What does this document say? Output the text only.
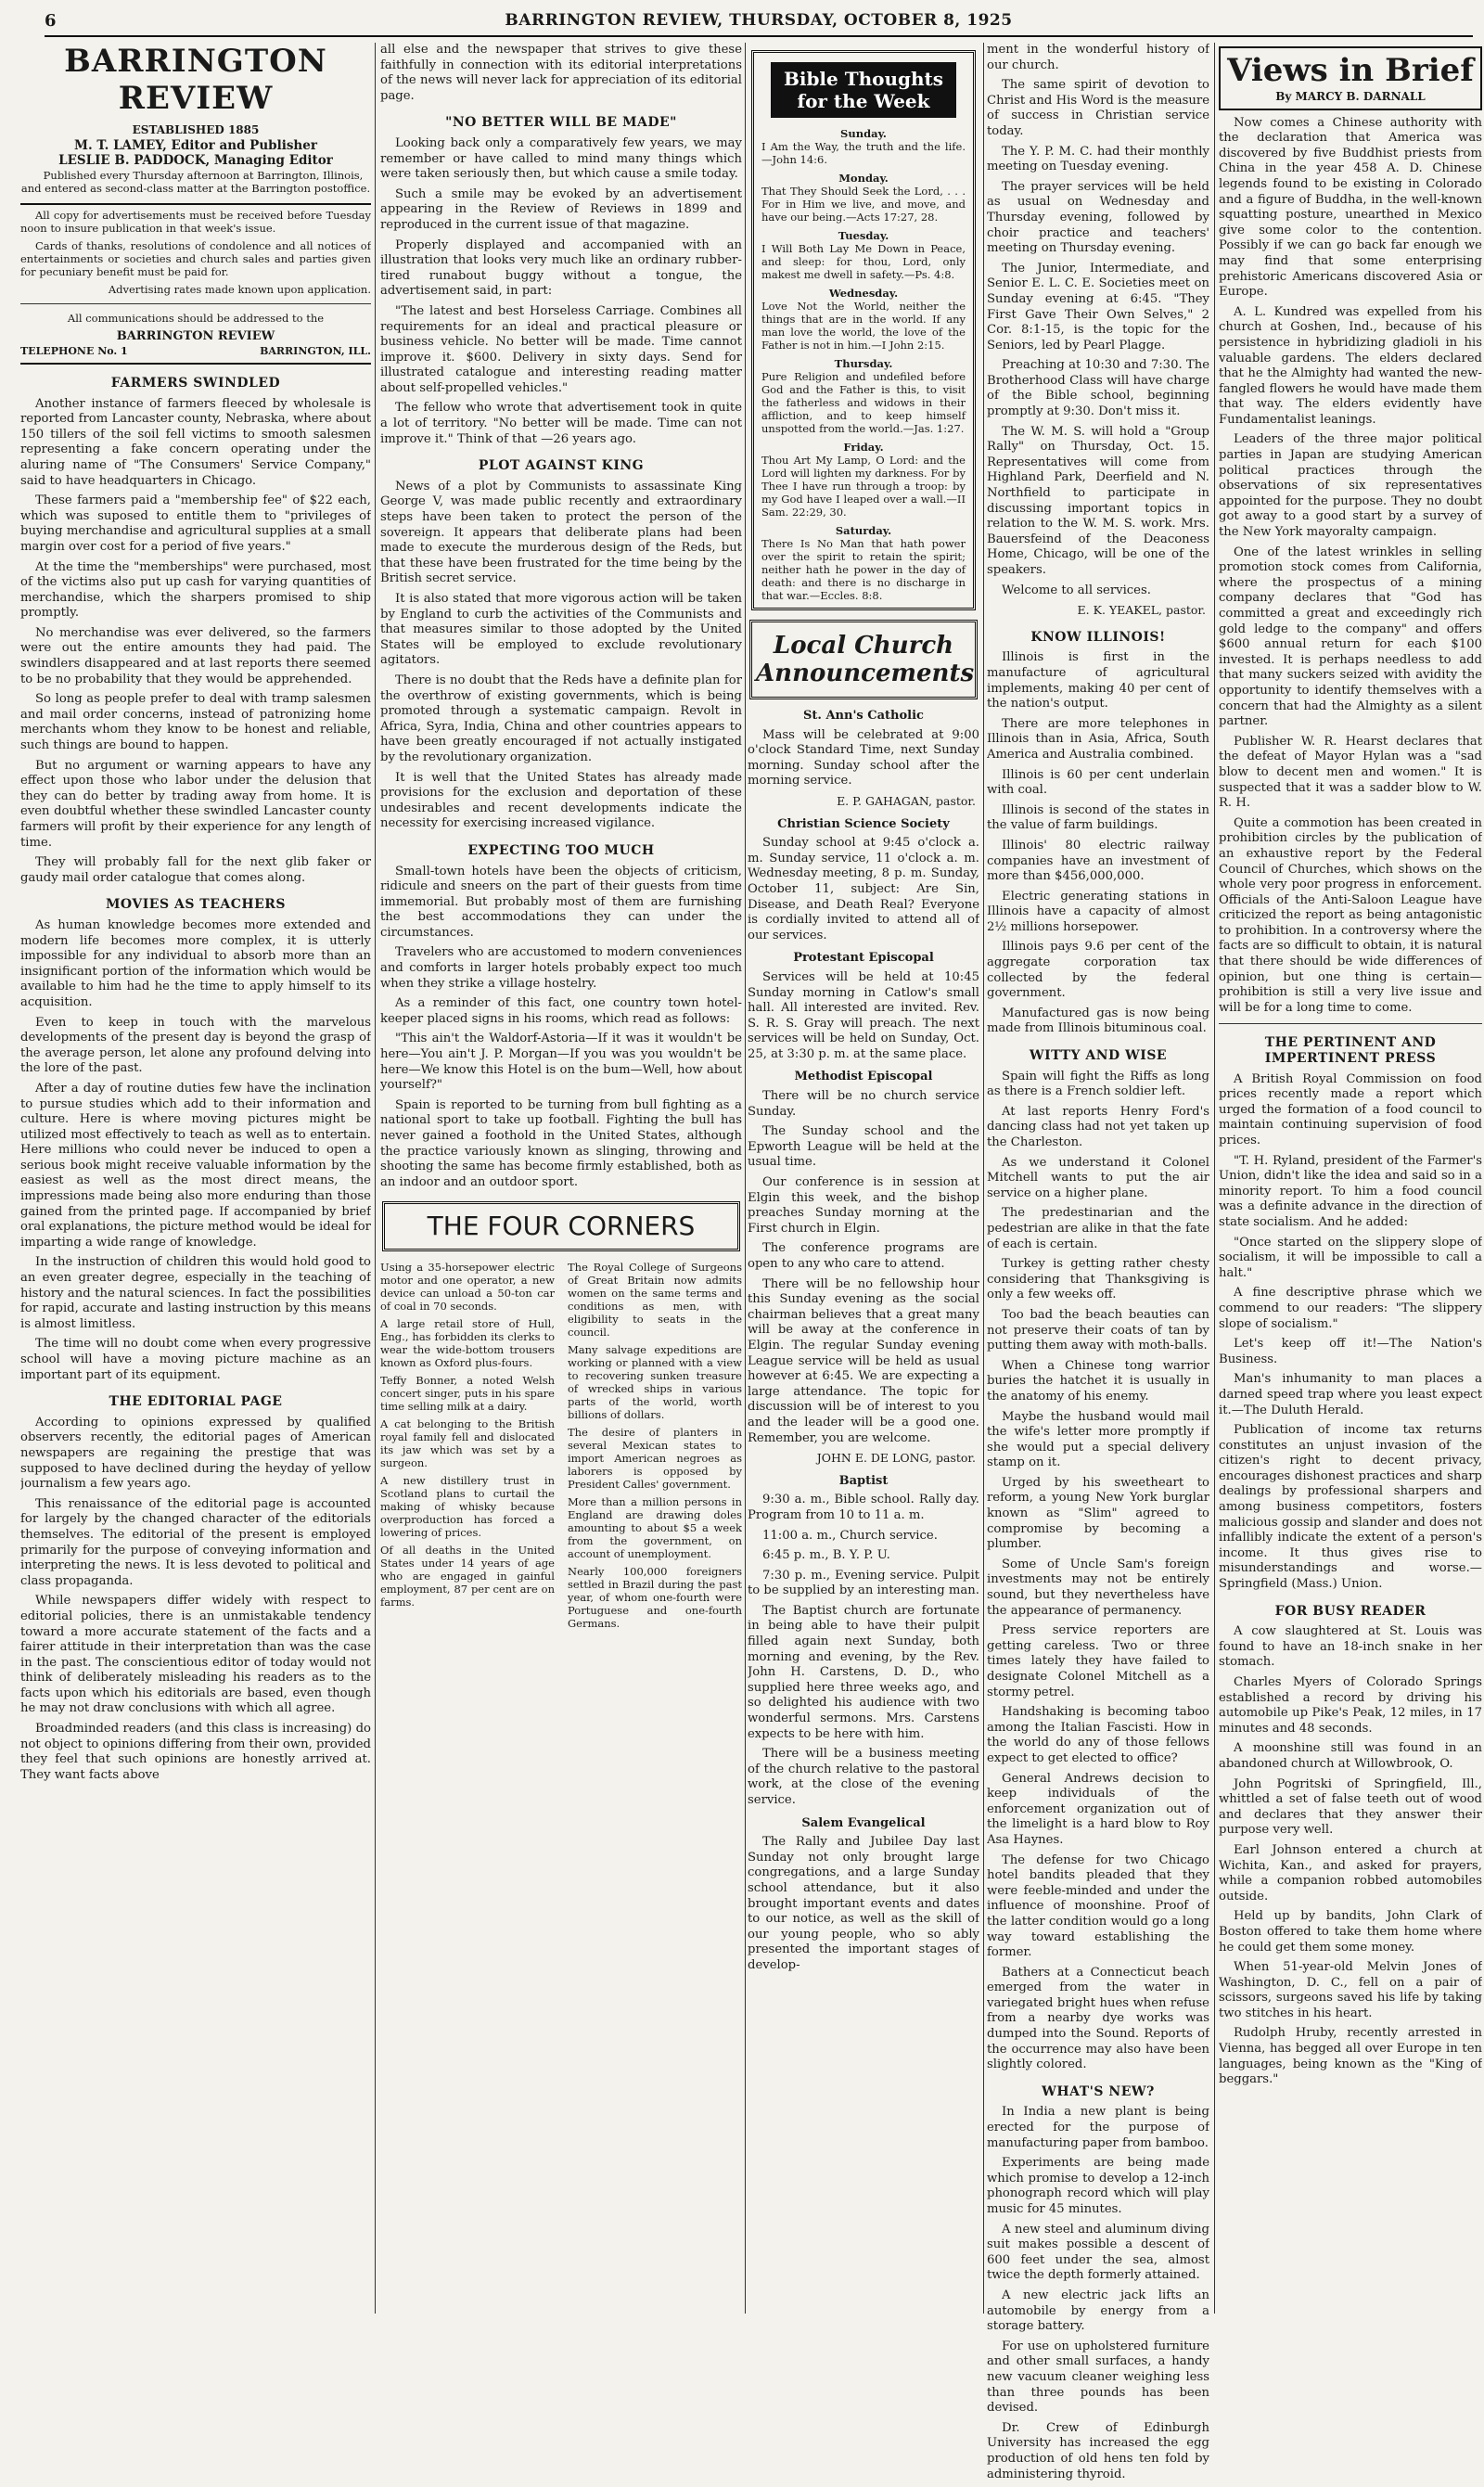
6	BARRINGTON REVIEW, THURSDAY, OCTOBER 8, 1925
BARRINGTON REVIEW
ESTABLISHED 1885
M. T. LAMEY, Editor and Publisher
LESLIE B. PADDOCK, Managing Editor

Published every Thursday afternoon at Barrington, Illinois, and entered as second-class matter at the Barrington postoffice.

All copy for advertisements must be received before Tuesday noon to insure publication in that week's issue.

Cards of thanks, resolutions of condolence and all notices of entertainments or societies and church sales and parties given for pecuniary benefit must be paid for.

Advertising rates made known upon application.

All communications should be addressed to the

BARRINGTON REVIEW
TELEPHONE No. 1	BARRINGTON, ILL.
FARMERS SWINDLED

Another instance of farmers fleeced by wholesale is reported from Lancaster county, Nebraska, where about 150 tillers of the soil fell victims to smooth salesmen representing a fake concern operating under the aluring name of "The Consumers' Service Company," said to have headquarters in Chicago.

These farmers paid a "membership fee" of $22 each, which was suposed to entitle them to "privileges of buying merchandise and agricultural supplies at a small margin over cost for a period of five years."

At the time the "memberships" were purchased, most of the victims also put up cash for varying quantities of merchandise, which the sharpers promised to ship promptly.

No merchandise was ever delivered, so the farmers were out the entire amounts they had paid. The swindlers disappeared and at last reports there seemed to be no probability that they would be apprehended.

So long as people prefer to deal with tramp salesmen and mail order concerns, instead of patronizing home merchants whom they know to be honest and reliable, such things are bound to happen.

But no argument or warning appears to have any effect upon those who labor under the delusion that they can do better by trading away from home. It is even doubtful whether these swindled Lancaster county farmers will profit by their experience for any length of time.

They will probably fall for the next glib faker or gaudy mail order catalogue that comes along.

MOVIES AS TEACHERS

As human knowledge becomes more extended and modern life becomes more complex, it is utterly impossible for any individual to absorb more than an insignificant portion of the information which would be available to him had he the time to apply himself to its acquisition.

Even to keep in touch with the marvelous developments of the present day is beyond the grasp of the average person, let alone any profound delving into the lore of the past.

After a day of routine duties few have the inclination to pursue studies which add to their information and culture. Here is where moving pictures might be utilized most effectively to teach as well as to entertain. Here millions who could never be induced to open a serious book might receive valuable information by the easiest as well as the most direct means, the impressions made being also more enduring than those gained from the printed page. If accompanied by brief oral explanations, the picture method would be ideal for imparting a wide range of knowledge.

In the instruction of children this would hold good to an even greater degree, especially in the teaching of history and the natural sciences. In fact the possibilities for rapid, accurate and lasting instruction by this means is almost limitless.

The time will no doubt come when every progressive school will have a moving picture machine as an important part of its equipment.

THE EDITORIAL PAGE

According to opinions expressed by qualified observers recently, the editorial pages of American newspapers are regaining the prestige that was supposed to have declined during the heyday of yellow journalism a few years ago.

This renaissance of the editorial page is accounted for largely by the changed character of the editorials themselves. The editorial of the present is employed primarily for the purpose of conveying information and interpreting the news. It is less devoted to political and class propaganda.

While newspapers differ widely with respect to editorial policies, there is an unmistakable tendency toward a more accurate statement of the facts and a fairer attitude in their interpretation than was the case in the past. The conscientious editor of today would not think of deliberately misleading his readers as to the facts upon which his editorials are based, even though he may not draw conclusions with which all agree.

Broadminded readers (and this class is increasing) do not object to opinions differing from their own, provided they feel that such opinions are honestly arrived at. They want facts above

all else and the newspaper that strives to give these faithfully in connection with its editorial interpretations of the news will never lack for appreciation of its editorial page.

"NO BETTER WILL BE MADE"

Looking back only a comparatively few years, we may remember or have called to mind many things which were taken seriously then, but which cause a smile today.

Such a smile may be evoked by an advertisement appearing in the Review of Reviews in 1899 and reproduced in the current issue of that magazine.

Properly displayed and accompanied with an illustration that looks very much like an ordinary rubber-tired runabout buggy without a tongue, the advertisement said, in part:

"The latest and best Horseless Carriage. Combines all requirements for an ideal and practical pleasure or business vehicle. No better will be made. Time cannot improve it. $600. Delivery in sixty days. Send for illustrated catalogue and interesting reading matter about self-propelled vehicles."

The fellow who wrote that advertisement took in quite a lot of territory. "No better will be made. Time can not improve it." Think of that —26 years ago.

PLOT AGAINST KING

News of a plot by Communists to assassinate King George V, was made public recently and extraordinary steps have been taken to protect the person of the sovereign. It appears that deliberate plans had been made to execute the murderous design of the Reds, but that these have been frustrated for the time being by the British secret service.

It is also stated that more vigorous action will be taken by England to curb the activities of the Communists and that measures similar to those adopted by the United States will be employed to exclude revolutionary agitators.

There is no doubt that the Reds have a definite plan for the overthrow of existing governments, which is being promoted through a systematic campaign. Revolt in Africa, Syra, India, China and other countries appears to have been greatly encouraged if not actually instigated by the revolutionary organization.

It is well that the United States has already made provisions for the exclusion and deportation of these undesirables and recent developments indicate the necessity for exercising increased vigilance.

EXPECTING TOO MUCH

Small-town hotels have been the objects of criticism, ridicule and sneers on the part of their guests from time immemorial. But probably most of them are furnishing the best accommodations they can under the circumstances.

Travelers who are accustomed to modern conveniences and comforts in larger hotels probably expect too much when they strike a village hostelry.

As a reminder of this fact, one country town hotel-keeper placed signs in his rooms, which read as follows:

"This ain't the Waldorf-Astoria—If it was it wouldn't be here—You ain't J. P. Morgan—If you was you wouldn't be here—We know this Hotel is on the bum—Well, how about yourself?"

Spain is reported to be turning from bull fighting as a national sport to take up football. Fighting the bull has never gained a foothold in the United States, although the practice variously known as slinging, throwing and shooting the same has become firmly established, both as an indoor and an outdoor sport.

THE FOUR CORNERS

Using a 35-horsepower electric motor and one operator, a new device can unload a 50-ton car of coal in 70 seconds.

A large retail store of Hull, Eng., has forbidden its clerks to wear the wide-bottom trousers known as Oxford plus-fours.

Teffy Bonner, a noted Welsh concert singer, puts in his spare time selling milk at a dairy.

A cat belonging to the British royal family fell and dislocated its jaw which was set by a surgeon.

A new distillery trust in Scotland plans to curtail the making of whisky because overproduction has forced a lowering of prices.

Of all deaths in the United States under 14 years of age who are engaged in gainful employment, 87 per cent are on farms.

The Royal College of Surgeons of Great Britain now admits women on the same terms and conditions as men, with eligibility to seats in the council.

Many salvage expeditions are working or planned with a view to recovering sunken treasure of wrecked ships in various parts of the world, worth billions of dollars.

The desire of planters in several Mexican states to import American negroes as laborers is opposed by President Calles' government.

More than a million persons in England are drawing doles amounting to about $5 a week from the government, on account of unemployment.

Nearly 100,000 foreigners settled in Brazil during the past year, of whom one-fourth were Portuguese and one-fourth Germans.

Bible Thoughts for the Week
Sunday.

I Am the Way, the truth and the life.—John 14:6.

Monday.

That They Should Seek the Lord, . . . For in Him we live, and move, and have our being.—Acts 17:27, 28.

Tuesday.

I Will Both Lay Me Down in Peace, and sleep: for thou, Lord, only makest me dwell in safety.—Ps. 4:8.

Wednesday.

Love Not the World, neither the things that are in the world. If any man love the world, the love of the Father is not in him.—I John 2:15.

Thursday.

Pure Religion and undefiled before God and the Father is this, to visit the fatherless and widows in their affliction, and to keep himself unspotted from the world.—Jas. 1:27.

Friday.

Thou Art My Lamp, O Lord: and the Lord will lighten my darkness. For by Thee I have run through a troop: by my God have I leaped over a wall.—II Sam. 22:29, 30.

Saturday.

There Is No Man that hath power over the spirit to retain the spirit; neither hath he power in the day of death: and there is no discharge in that war.—Eccles. 8:8.

Local Church Announcements
St. Ann's Catholic

Mass will be celebrated at 9:00 o'clock Standard Time, next Sunday morning. Sunday school after the morning service.

E. P. GAHAGAN, pastor.
Christian Science Society

Sunday school at 9:45 o'clock a. m. Sunday service, 11 o'clock a. m. Wednesday meeting, 8 p. m. Sunday, October 11, subject: Are Sin, Disease, and Death Real? Everyone is cordially invited to attend all of our services.

Protestant Episcopal

Services will be held at 10:45 Sunday morning in Catlow's small hall. All interested are invited. Rev. S. R. S. Gray will preach. The next services will be held on Sunday, Oct. 25, at 3:30 p. m. at the same place.

Methodist Episcopal

There will be no church service Sunday.

The Sunday school and the Epworth League will be held at the usual time.

Our conference is in session at Elgin this week, and the bishop preaches Sunday morning at the First church in Elgin.

The conference programs are open to any who care to attend.

There will be no fellowship hour this Sunday evening as the social chairman believes that a great many will be away at the conference in Elgin. The regular Sunday evening League service will be held as usual however at 6:45. We are expecting a large attendance. The topic for discussion will be of interest to you and the leader will be a good one. Remember, you are welcome.

JOHN E. DE LONG, pastor.
Baptist

9:30 a. m., Bible school. Rally day. Program from 10 to 11 a. m.

11:00 a. m., Church service.

6:45 p. m., B. Y. P. U.

7:30 p. m., Evening service. Pulpit to be supplied by an interesting man.

The Baptist church are fortunate in being able to have their pulpit filled again next Sunday, both morning and evening, by the Rev. John H. Carstens, D. D., who supplied here three weeks ago, and so delighted his audience with two wonderful sermons. Mrs. Carstens expects to be here with him.

There will be a business meeting of the church relative to the pastoral work, at the close of the evening service.

Salem Evangelical

The Rally and Jubilee Day last Sunday not only brought large congregations, and a large Sunday school attendance, but it also brought important events and dates to our notice, as well as the skill of our young people, who so ably presented the important stages of develop-

ment in the wonderful history of our church.

The same spirit of devotion to Christ and His Word is the measure of success in Christian service today.

The Y. P. M. C. had their monthly meeting on Tuesday evening.

The prayer services will be held as usual on Wednesday and Thursday evening, followed by choir practice and teachers' meeting on Thursday evening.

The Junior, Intermediate, and Senior E. L. C. E. Societies meet on Sunday evening at 6:45. "They First Gave Their Own Selves," 2 Cor. 8:1-15, is the topic for the Seniors, led by Pearl Plagge.

Preaching at 10:30 and 7:30. The Brotherhood Class will have charge of the Bible school, beginning promptly at 9:30. Don't miss it.

The W. M. S. will hold a "Group Rally" on Thursday, Oct. 15. Representatives will come from Highland Park, Deerfield and N. Northfield to participate in discussing important topics in relation to the W. M. S. work. Mrs. Bauersfeind of the Deaconess Home, Chicago, will be one of the speakers.

Welcome to all services.

E. K. YEAKEL, pastor.
KNOW ILLINOIS!

Illinois is first in the manufacture of agricultural implements, making 40 per cent of the nation's output.

There are more telephones in Illinois than in Asia, Africa, South America and Australia combined.

Illinois is 60 per cent underlain with coal.

Illinois is second of the states in the value of farm buildings.

Illinois' 80 electric railway companies have an investment of more than $456,000,000.

Electric generating stations in Illinois have a capacity of almost 2½ millions horsepower.

Illinois pays 9.6 per cent of the aggregate corporation tax collected by the federal government.

Manufactured gas is now being made from Illinois bituminous coal.

WITTY AND WISE

Spain will fight the Riffs as long as there is a French soldier left.

At last reports Henry Ford's dancing class had not yet taken up the Charleston.

As we understand it Colonel Mitchell wants to put the air service on a higher plane.

The predestinarian and the pedestrian are alike in that the fate of each is certain.

Turkey is getting rather chesty considering that Thanksgiving is only a few weeks off.

Too bad the beach beauties can not preserve their coats of tan by putting them away with moth-balls.

When a Chinese tong warrior buries the hatchet it is usually in the anatomy of his enemy.

Maybe the husband would mail the wife's letter more promptly if she would put a special delivery stamp on it.

Urged by his sweetheart to reform, a young New York burglar known as "Slim" agreed to compromise by becoming a plumber.

Some of Uncle Sam's foreign investments may not be entirely sound, but they nevertheless have the appearance of permanency.

Press service reporters are getting careless. Two or three times lately they have failed to designate Colonel Mitchell as a stormy petrel.

Handshaking is becoming taboo among the Italian Fascisti. How in the world do any of those fellows expect to get elected to office?

General Andrews decision to keep individuals of the enforcement organization out of the limelight is a hard blow to Roy Asa Haynes.

The defense for two Chicago hotel bandits pleaded that they were feeble-minded and under the influence of moonshine. Proof of the latter condition would go a long way toward establishing the former.

Bathers at a Connecticut beach emerged from the water in variegated bright hues when refuse from a nearby dye works was dumped into the Sound. Reports of the occurrence may also have been slightly colored.

WHAT'S NEW?

In India a new plant is being erected for the purpose of manufacturing paper from bamboo.

Experiments are being made which promise to develop a 12-inch phonograph record which will play music for 45 minutes.

A new steel and aluminum diving suit makes possible a descent of 600 feet under the sea, almost twice the depth formerly attained.

A new electric jack lifts an automobile by energy from a storage battery.

For use on upholstered furniture and other small surfaces, a handy new vacuum cleaner weighing less than three pounds has been devised.

Dr. Crew of Edinburgh University has increased the egg production of old hens ten fold by administering thyroid.

Views in Brief
By MARCY B. DARNALL

Now comes a Chinese authority with the declaration that America was discovered by five Buddhist priests from China in the year 458 A. D. Chinese legends found to be existing in Colorado and a figure of Buddha, in the well-known squatting posture, unearthed in Mexico give some color to the contention. Possibly if we can go back far enough we may find that some enterprising prehistoric Americans discovered Asia or Europe.

A. L. Kundred was expelled from his church at Goshen, Ind., because of his persistence in hybridizing gladioli in his valuable gardens. The elders declared that he the Almighty had wanted the new-fangled flowers he would have made them that way. The elders evidently have Fundamentalist leanings.

Leaders of the three major political parties in Japan are studying American political practices through the observations of six representatives appointed for the purpose. They no doubt got away to a good start by a survey of the New York mayoralty campaign.

One of the latest wrinkles in selling promotion stock comes from California, where the prospectus of a mining company declares that "God has committed a great and exceedingly rich gold ledge to the company" and offers $600 annual return for each $100 invested. It is perhaps needless to add that many suckers seized with avidity the opportunity to identify themselves with a concern that had the Almighty as a silent partner.

Publisher W. R. Hearst declares that the defeat of Mayor Hylan was a "sad blow to decent men and women." It is suspected that it was a sadder blow to W. R. H.

Quite a commotion has been created in prohibition circles by the publication of an exhaustive report by the Federal Council of Churches, which shows on the whole very poor progress in enforcement. Officials of the Anti-Saloon League have criticized the report as being antagonistic to prohibition. In a controversy where the facts are so difficult to obtain, it is natural that there should be wide differences of opinion, but one thing is certain—prohibition is still a very live issue and will be for a long time to come.

THE PERTINENT AND IMPERTINENT PRESS

A British Royal Commission on food prices recently made a report which urged the formation of a food council to maintain continuing supervision of food prices.

"T. H. Ryland, president of the Farmer's Union, didn't like the idea and said so in a minority report. To him a food council was a definite advance in the direction of state socialism. And he added:

"Once started on the slippery slope of socialism, it will be impossible to call a halt."

A fine descriptive phrase which we commend to our readers: "The slippery slope of socialism."

Let's keep off it!—The Nation's Business.

Man's inhumanity to man places a darned speed trap where you least expect it.—The Duluth Herald.

Publication of income tax returns constitutes an unjust invasion of the citizen's right to decent privacy, encourages dishonest practices and sharp dealings by professional sharpers and among business competitors, fosters malicious gossip and slander and does not infallibly indicate the extent of a person's income. It thus gives rise to misunderstandings and worse.—Springfield (Mass.) Union.

FOR BUSY READER

A cow slaughtered at St. Louis was found to have an 18-inch snake in her stomach.

Charles Myers of Colorado Springs established a record by driving his automobile up Pike's Peak, 12 miles, in 17 minutes and 48 seconds.

A moonshine still was found in an abandoned church at Willowbrook, O.

John Pogritski of Springfield, Ill., whittled a set of false teeth out of wood and declares that they answer their purpose very well.

Earl Johnson entered a church at Wichita, Kan., and asked for prayers, while a companion robbed automobiles outside.

Held up by bandits, John Clark of Boston offered to take them home where he could get them some money.

When 51-year-old Melvin Jones of Washington, D. C., fell on a pair of scissors, surgeons saved his life by taking two stitches in his heart.

Rudolph Hruby, recently arrested in Vienna, has begged all over Europe in ten languages, being known as the "King of beggars."
